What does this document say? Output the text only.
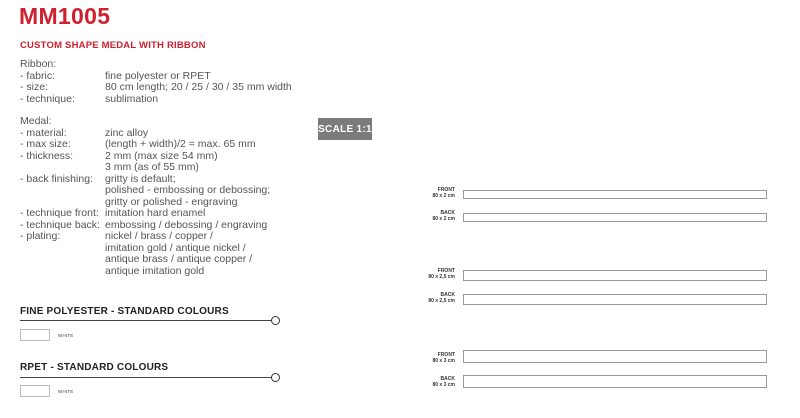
MM1005
CUSTOM SHAPE MEDAL WITH RIBBON
Ribbon:
- fabric:	fine polyester or RPET
- size:	80 cm length; 20 / 25 / 30 / 35 mm width
- technique:	sublimation
Medal:
- material:	zinc alloy
- max size:	(length + width)/2 = max. 65 mm
- thickness:	2 mm (max size 54 mm)
3 mm (as of 55 mm)
- back finishing:	gritty is default;
polished - embossing or debossing;
gritty or polished - engraving
- technique front: imitation hard enamel
- technique back: embossing / debossing / engraving
- plating:	nickel / brass / copper /
imitation gold / antique nickel /
antique brass / antique copper /
antique imitation gold
SCALE 1:1
FINE POLYESTER - STANDARD COLOURS
WHITE
RPET - STANDARD COLOURS
WHITE
FRONT
80 x 2 cm
BACK
80 x 2 cm
FRONT
80 x 2,5 cm
BACK
80 x 2,5 cm
FRONT
80 x 3 cm
BACK
80 x 3 cm
